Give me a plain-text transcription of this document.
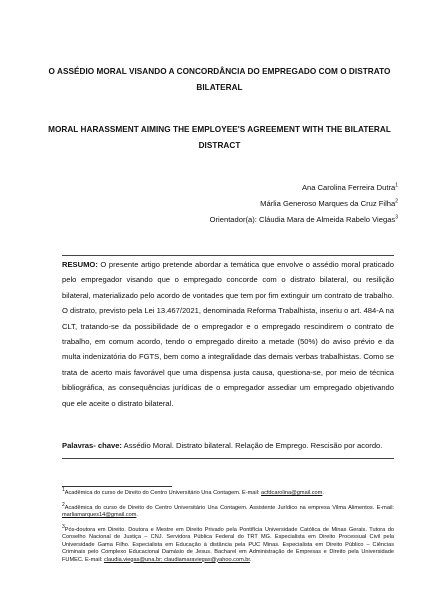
O ASSÉDIO MORAL VISANDO A CONCORDÂNCIA DO EMPREGADO COM O DISTRATO BILATERAL
MORAL HARASSMENT AIMING THE EMPLOYEE'S AGREEMENT WITH THE BILATERAL DISTRACT
Ana Carolina Ferreira Dutra$^1$
Márlia Generoso Marques da Cruz Filha$^2$
Orientador(a): Cláudia Mara de Almeida Rabelo Viegas$^3$
RESUMO: O presente artigo pretende abordar a temática que envolve o assédio moral praticado pelo empregador visando que o empregado concorde com o distrato bilateral, ou resilição bilateral, materializado pelo acordo de vontades que tem por fim extinguir um contrato de trabalho. O distrato, previsto pela Lei 13.467/2021, denominada Reforma Trabalhista, inseriu o art. 484-A na CLT, tratando-se da possibilidade de o empregador e o empregado rescindirem o contrato de trabalho, em comum acordo, tendo o empregado direito a metade (50%) do aviso prévio e da multa indenizatória do FGTS, bem como a integralidade das demais verbas trabalhistas. Como se trata de acerto mais favorável que uma dispensa justa causa, questiona-se, por meio de técnica bibliográfica, as consequências jurídicas de o empregador assediar um empregado objetivando que ele aceite o distrato bilateral.
Palavras- chave: Assédio Moral. Distrato bilateral. Relação de Emprego. Rescisão por acordo.
$^1$Acadêmica do curso de Direito do Centro Universitário Una Contagem. E-mail: acfdcarolina@gmail.com.
$^2$Acadêmica do curso de Direito do Centro Universitário Una Contagem. Assistente Jurídico na empresa Vilma Alimentos. E-mail: marliamarques14@gmail.com.
$^3$Pós-doutora em Direito. Doutora e Mestre em Direito Privado pela Pontifícia Universidade Católica de Minas Gerais. Tutora do Conselho Nacional de Justiça – CNJ. Servidora Pública Federal do TRT MG. Especialista em Direito Processual Civil pela Universidade Gama Filho. Especialista em Educação à distância pela PUC Minas. Especialista em Direito Público – Ciências Criminais pelo Complexo Educacional Damásio de Jesus. Bacharel em Administração de Empresas e Direito pela Universidade FUMEC. E-mail: claudia.viegas@una.br; claudiamaraviegas@yahoo.com.br.
